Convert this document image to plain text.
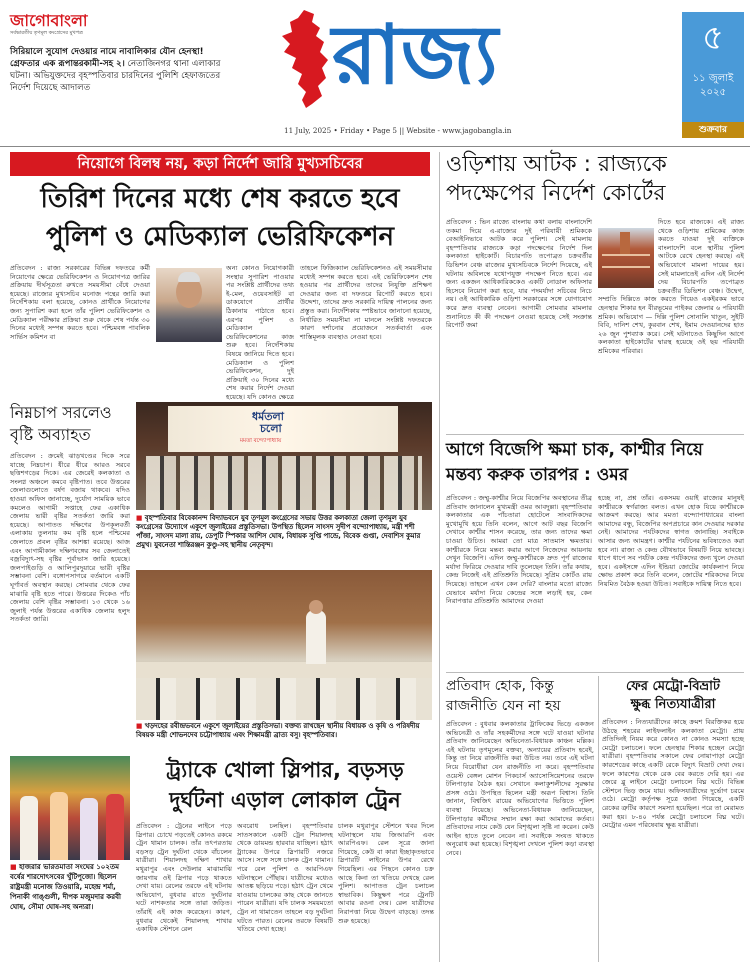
জাগোবাংলা
সর্বভারতীয় তৃণমূল কংগ্রেসের মুখপত্র
সিরিয়ালে সুযোগ দেওয়ার নামে নাবালিকার যৌন হেনস্থা! গ্রেফতার এক রূপান্তরকামী-সহ ২। নেতাজিনগর থানা এলাকার ঘটনা। অভিযুক্তদের বৃহস্পতিবার চারদিনের পুলিশি হেফাজতের নির্দেশ দিয়েছে আদালত	রাজ্য
11 July, 2025 • Friday • Page 5 || Website - www.jagobangla.in
৫
১১ জুলাই ২০২৫
শুক্রবার
নিয়োগে বিলম্ব নয়, কড়া নির্দেশ জারি মুখ্যসচিবের
তিরিশ দিনের মধ্যে শেষ করতে হবে
পুলিশ ও মেডিক্যাল ভেরিফিকেশন
প্রতিবেদন : রাজ্য সরকারের বিভিন্ন দফতরে কর্মী নিয়োগের ক্ষেত্রে ভেরিফিকেশন ও নিয়োগপত্র জারির প্রক্রিয়ায় দীর্ঘসূত্রতা রুখতে সময়সীমা বেঁধে দেওয়া হয়েছে। রাজ্যের মুখ্যসচিব মনোজ পন্থের জারি করা নির্দেশিকায় বলা হয়েছে, কোনও প্রার্থীকে নিয়োগের জন্য সুপারিশ করা হলে তাঁর পুলিশ ভেরিফিকেশন ও মেডিক্যাল পরীক্ষার প্রক্রিয়া শুরু থেকে শেষ পর্যন্ত ৩০ দিনের মধ্যেই সম্পন্ন করতে হবে। পশ্চিমবঙ্গ পাবলিক সার্ভিস কমিশন বা
অন্য কোনও নিয়োগকারী সংস্থার সুপারিশ পাওয়ার পর সংশ্লিষ্ট প্রার্থীদের তথ্য ই-মেল, ওয়েবসাইট বা ডাকযোগে প্রার্থীর ঠিকানায় পাঠাতে হবে। এরপর পুলিশ ও মেডিক্যাল ভেরিফিকেশনের কাজ শুরু হবে। নির্দেশিকায় বিষয়ে জানিয়ে দিতে হবে। মেডিক্যাল ও পুলিশ ভেরিফিকেশন, দুই প্রক্রিয়াই ৩০ দিনের মধ্যে শেষ করার নির্দেশ দেওয়া হয়েছে। যদি কোনও ক্ষেত্রে
তাহলে ফিজিক্যাল ভেরিফিকেশনও এই সময়সীমার মধ্যেই সম্পন্ন করতে হবে। এই ভেরিফিকেশন শেষ হওয়ার পর প্রার্থীদের তাদের নিযুক্তি প্রশিক্ষণ দেওয়ার জন্য বা দফতরে রিপোর্ট করতে হবে। উদ্দেশ্য, তাদের দ্রুত সরকারি দায়িত্ব পালনের জন্য প্রস্তুত করা। নির্দেশিকায় স্পষ্টভাবে জানানো হয়েছে, নির্ধারিত সময়সীমা না মানলে সংশ্লিষ্ট দফতরকে কারণ দর্শানোর প্রয়োজনে সতর্কবার্তা এবং শাস্তিমূলক ব্যবস্থাও নেওয়া হবে।
ওড়িশায় আটক : রাজ্যকে পদক্ষেপের নির্দেশ কোর্টের
প্রতিবেদন : ভিন রাজ্যে বাংলায় কথা বলায় বাংলাদেশি তকমা দিয়ে এ-রাজ্যের দুই পরিযায়ী শ্রমিককে বেআইনিভাবে আটক করে পুলিশ। সেই মামলায় বৃহস্পতিবার রাজ্যকে কড়া পদক্ষেপের নির্দেশ দিল কলকাতা হাইকোর্ট। বিচারপতি তপোব্রত চক্রবর্তীর ডিভিশন বেঞ্চ রাজ্যের মুখ্যসচিবকে নির্দেশ দিয়েছে, এই ঘটনায় অবিলম্বে যথোপযুক্ত পদক্ষেপ নিতে হবে। এর জন্য একজন আধিকারিককেও একটি নোডাল অফিসার হিসেবে নিয়োগ করা হবে, যার পদমর্যাদা সচিবের নিচে নয়। ওই আধিকারিক ওড়িশা সরকারের সঙ্গে যোগাযোগ করে দ্রুত ব্যবস্থা নেবেন। আগামী সোমবার মামলার শুনানিতে কী কী পদক্ষেপ নেওয়া হয়েছে সেই সংক্রান্ত রিপোর্ট জমা
দিতে হবে রাজ্যকে। এই রাজ্য থেকে ওড়িশায় শ্রমিকের কাজ করতে যাওয়া দুই ব্যক্তিকে বাংলাদেশি বলে স্থানীয় পুলিশ আটকে রেখে হেনস্থা করছে। এই অভিযোগে মামলা দায়ের হয়। সেই মামলাতেই এদিন এই নির্দেশ দেয় বিচারপতি তপোব্রত চক্রবর্তীর ডিভিশন বেঞ্চ। উদ্বেগ, সম্প্রতি দিল্লিতে কাজ করতে গিয়েও একইরকম ভাবে হেনস্থার শিকার হন বীরভূমের পাইকর জেলার ৬ পরিযায়ী শ্রমিক। অভিযোগ — দিল্লি পুলিশ সোনালি খাতুন, সুইটি বিবি, দানিশ শেখ, কুরবান শেখ, ইমাম দেওয়ানদের হাত ২৬ জুন পুশব্যাক করে। সেই ঘটনাতেও কিছুদিন আগে কলকাতা হাইকোর্টের দ্বারস্থ হয়েছে ওই ছয় পরিযায়ী শ্রমিকের পরিবার।
নিম্নচাপ সরলেও বৃষ্টি অব্যাহত
প্রতিবেদন : ক্রমেই ঝাড়খণ্ডের দিকে সরে যাচ্ছে নিম্নচাপ। ধীরে ধীরে আরও সরবে ছত্তিশগড়ের দিকে। এর জেরেই কলকাতা ও সংলগ্ন অঞ্চলে কমবে বৃষ্টিপাত। তবে উত্তরের জেলাগুলোতে বর্ষণ বজায় থাকবে। যদিও হাওয়া অফিস জানাচ্ছে, দুর্যোগ সাময়িক ভাবে কমলেও আগামী সপ্তাহে ফের একাধিক জেলায় ভারী বৃষ্টির সতর্কতা জারি করা হয়েছে। আপাতত দক্ষিণের উপকূলবর্তী এলাকায় তুলনায় কম বৃষ্টি হলে পশ্চিমের জেলাতে প্রবল বৃষ্টির আশঙ্কা রয়েছে। আজ এবং আগামীকাল দক্ষিণবঙ্গের সব জেলাতেই বজ্রবিদ্যুৎ-সহ বৃষ্টির পূর্বাভাস জারি হয়েছে। জলপাইগুড়ি ও আলিপুরদুয়ারে ভারী বৃষ্টির সম্ভাবনা বেশি। বঙ্গোপসাগরে বর্তমানে একটি ঘূর্ণাবর্ত অবস্থান করছে। সোমবার থেকে ফের মাঝারি বৃষ্টি হতে পারে। উত্তরের দিকেও পাঁচ জেলায় বেশি বৃষ্টির সম্ভাবনা। ১৩ থেকে ১৬ জুলাই পর্যন্ত উত্তরের একাধিক জেলায় হলুদ সতর্কতা জারি।
ধর্মতলা
চলো
মমতা বন্দ্যোপাধ্যায়
■ বৃহস্পতিবার বিবেকানন্দ বিদ্যাভবনে যুব তৃণমূল কংগ্রেসের সভায় উত্তর কলকাতা জেলা তৃণমূল যুব কংগ্রেসের উদ্যোগে একুশে জুলাইয়ের প্রস্তুতিসভা। উপস্থিত ছিলেন সাংসদ সুদীপ বন্দ্যোপাধ্যায়, মন্ত্রী শশী পাঁজা, সাংসদ মালা রায়, ডেপুটি স্পিকার আশিস ঘোষ, বিধায়ক সুপ্তি পান্ডে, বিবেক গুপ্তা, দেবাশিস কুমার প্রমুখ। যুবনেতা শান্তিরঞ্জন কুণ্ডু-সহ স্থানীয় নেতৃবৃন্দ।
■ খড়দহের রবীন্দ্রভবনে একুশে জুলাইয়ের প্রস্তুতিসভা। বক্তব্য রাখছেন স্থানীয় বিধায়ক ও কৃষি ও পরিষদীয় বিষয়ক মন্ত্রী শোভনদেব চট্টোপাধ্যায় এবং শিক্ষামন্ত্রী ব্রাত্য বসু। বৃহস্পতিবার।
আগে বিজেপি ক্ষমা চাক, কাশ্মীর নিয়ে মন্তব্য করুক তারপর : ওমর
প্রতিবেদন : জম্মু-কাশ্মীর নিয়ে বিজেপির অবস্থানের তীব্র প্রতিবাদ জানালেন মুখ্যমন্ত্রী ওমর আবদুল্লা। বৃহস্পতিবার কলকাতার এক পাঁচতারা হোটেলে সাংবাদিকদের মুখোমুখি হয়ে তিনি বলেন, আগে আট বছর বিজেপি দেখাবে কাশ্মীর শাসন করেছে, তার জন্য তাদের ক্ষমা চাওয়া উচিত। আমরা তো মাত্র সাতমাস ক্ষমতায়। কাশ্মীরকে নিয়ে মন্তব্য করার আগে নিজেদের আয়নায় দেখুন বিজেপি। এদিন জম্মু-কাশ্মীরকে দ্রুত পূর্ণ রাজ্যের মর্যাদা ফিরিয়ে দেওয়ার দাবি তুলেছেন তিনি। তাঁর কথায়, কেন্দ্র নিজেই এই প্রতিশ্রুতি দিয়েছে। সুপ্রিম কোর্টও রায় দিয়েছে। তাহলে এখন কেন দেরি? বাংলার মতো রাজ্যে যেভাবে মর্যাদা নিয়ে কেন্দ্রের সঙ্গে লড়াই হয়, কেন নিরাপত্তার প্রতিশ্রুতি আমাদের দেওয়া
হচ্ছে না, প্রশ্ন তাঁর। একসময় ওয়াই রাজ্যের মানুষই কাশ্মীরকে স্বর্গরাজ্য বলত। এখন হোক যিয়ে কাশ্মীরকে আক্রমণ করছে। আর মমতা বন্দ্যোপাধ্যায়ের বাংলা আমাদের বন্ধু, বিজেপির অপপ্রচারে কান দেওয়ার দরকার নেই। আমাদের পর্যটকদের স্বাগত জানাচ্ছি। সবাইকে আসার জন্য আমন্ত্রণ। কাশ্মীর পর্যটনের ভবিষ্যতেও করা হবে না। রাজ্য ও কেন্দ্র যৌথভাবে বিষয়টি নিয়ে ভাবছে। ধাপে ধাপে সব পর্যটক কেন্দ্র পর্যটকদের জন্য খুলে দেওয়া হবে। একইসঙ্গে এদিন ইন্ডিয়া জোটের কার্যকলাপ নিয়ে ক্ষোভ প্রকাশ করে তিনি বলেন, জোটের শরিকদের নিয়ে নিয়মিত বৈঠক হওয়া উচিত। সবাইকে দায়িত্ব নিতে হবে।
প্রতিবাদ হোক, কিন্তু রাজনীতি যেন না হয়
প্রতিবেদন : বুধবার কলকাতার ট্রাফিকের ভিড়ে একজন অভিনেত্রী ও তাঁর সহকর্মীদের সঙ্গে ঘটে যাওয়া ঘটনার প্রতিবাদ জানিয়েছেন অভিনেতা-বিধায়ক কাঞ্চন মল্লিক। এই ঘটনায় তৃণমূলের বক্তব্য, অন্যায়ের প্রতিবাদ হবেই, কিন্তু তা নিয়ে রাজনীতি করা উচিত নয়। তবে এই ঘটনা নিয়ে বিরোধীরা যেন রাজনীতি না করে। বৃহস্পতিবার ওয়েস্ট বেঙ্গল মোশন পিকচার্স অ্যাসোসিয়েশনের তরফে টলিপাড়ার বৈঠক হয়। সেখানে কলাকুশলীদের সুরক্ষার প্রসঙ্গ ওঠে। উপস্থিত ছিলেন মন্ত্রী অরূপ বিশ্বাস। তিনি জানান, বিশ্বজিৎ রায়ের অভিযোগের ভিত্তিতে পুলিশ ব্যবস্থা নিয়েছে। অভিনেতা-বিধায়ক জানিয়েছেন, টলিপাড়ার কর্মীদের সম্মান রক্ষা করা আমাদের কর্তব্য। প্রতিবাদের নামে কেউ যেন বিশৃঙ্খলা সৃষ্টি না করেন। কেউ আইন হাতে তুলে নেবেন না। সবাইকে সংযত থাকতে অনুরোধ করা হয়েছে। বিশৃঙ্খলা দেখলে পুলিশ কড়া ব্যবস্থা নেবে।
ফের মেট্রো-বিভ্রাট
ক্ষুব্ধ নিত্যযাত্রীরা
প্রতিবেদন : নিত্যযাত্রীদের কাছে ক্রমশ বিরক্তিকর হয়ে উঠছে শহরের লাইফলাইন কলকাতা মেট্রো। প্রায় প্রতিদিনই নিয়ম করে কোনও না কোনও সমস্যা হচ্ছে মেট্রো চলাচলে। ফলে হেনস্থার শিকার হচ্ছেন মেট্রো যাত্রীরা। বৃহস্পতিবার সকালে ফের নোয়াপাড়া মেট্রো কারশেডের কাছে একটি রেকে বিদ্যুৎ বিভ্রাট দেখা দেয়। ফলে কারশেড থেকে রেক বের করতে দেরি হয়। এর জেরে ব্লু লাইনে মেট্রো চলাচলে বিঘ্ন ঘটে। বিভিন্ন স্টেশনে ভিড় জমে যায়। অফিসযাত্রীদের দুর্ভোগ চরমে ওঠে। মেট্রো কর্তৃপক্ষ সূত্রে জানা গিয়েছে, একটি রেকের ত্রুটির কারণে সমস্যা হয়েছিল। পরে তা মেরামত করা হয়। ৮-৪০ পর্যন্ত মেট্রো চলাচলে বিঘ্ন ঘটে। মেট্রোর এমন পরিষেবায় ক্ষুব্ধ যাত্রীরা।
■ হাজরার ভারতমাতা সংঘের ১০২তম বর্ষের শারদোৎসবের খুঁটিপুজো। ছিলেন রাষ্ট্রমন্ত্রী মনোজ তিওয়ারি, মহেন্দ্র শর্মা, পিনাকী গাঙ্গুলী, দীপক মজুমদার করবী ঘোষ, সৌমা ঘোষ-সহ অন্যরা।
ট্র্যাকে খোলা স্লিপার, বড়সড়
দুর্ঘটনা এড়াল লোকাল ট্রেন
প্রতিবেদন : ট্রেনের লাইনে পড়ে স্লিপার। চোখে পড়তেই কোনও রকমে ট্রেন থামান চালক। তাঁর তৎপরতায় বড়সড় ট্রেন দুর্ঘটনা থেকে বাঁচলেন যাত্রীরা। শিয়ালদহ দক্ষিণ শাখার মথুরাপুর এবং দেউলার মাঝামাঝি জায়গায় ওই স্লিপার পড়ে থাকতে দেখা যায়। রেলের তরফে এই ঘটনায় অভিযোগ, বুধবার রাতে দুর্ঘটনার ঘটে নাশকতার সঙ্গে তারা জড়িত। তাঁরাই এই কাজ করেছেন। কারণ, বুধবার থেকেই শিয়ালদহ শাখার একাধিক স্টেশনে রেল
অবরোধ চলছিল। বৃহস্পতিবার সাতসকালে একটি ট্রেন শিয়ালদহ থেকে ডায়মন্ড হারবার যাচ্ছিল। হঠাৎ ট্র্যাকের উপরে স্লিপারটি নজরে আসে। সঙ্গে সঙ্গে চালক ট্রেন থামান। পরে রেল পুলিশ ও আরপিএফ ঘটনাস্থলে পৌঁছায়। যাত্রীদের মধ্যেও আতঙ্ক ছড়িয়ে পড়ে। হঠাৎ ট্রেন থেমে যাওয়ায় চালকের কাছ থেকে জানতে পারেন যাত্রীরা। যদি চালক সময়মতো ট্রেন না থামাতেন তাহলে বড় দুর্ঘটনা ঘটতে পারত। রেলের তরফে বিষয়টি খতিয়ে দেখা হচ্ছে।
চালক মথুরাপুর স্টেশনে খবর দিলে ঘটনাস্থলে যায় জিআরপি এবং আরপিএফ। রেল সূত্রে জানা গিয়েছে, কেউ বা কারা ইচ্ছাকৃতভাবে স্লিপারটি লাইনের উপর রেখে গিয়েছিল। এর পিছনে কোনও চক্র আছে কিনা তা খতিয়ে দেখছে রেল পুলিশ। আপাতত ট্রেন চলাচল স্বাভাবিক। কিছুক্ষণ পরে ট্রেনটি আবার রওনা দেয়। রেল যাত্রীদের নিরাপত্তা নিয়ে উদ্বেগ বাড়ছে। তদন্ত শুরু হয়েছে।
